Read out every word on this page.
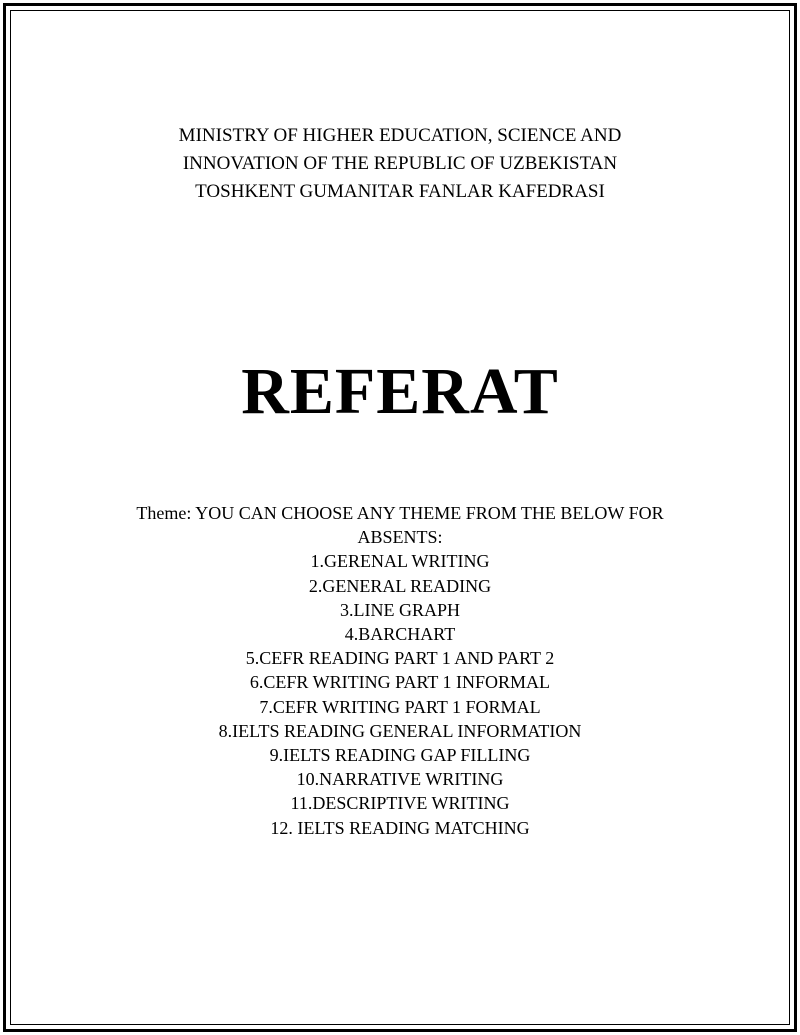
MINISTRY OF HIGHER EDUCATION, SCIENCE AND
INNOVATION OF THE REPUBLIC OF UZBEKISTAN
TOSHKENT GUMANITAR FANLAR KAFEDRASI
REFERAT
Theme: YOU CAN CHOOSE ANY THEME FROM THE BELOW FOR ABSENTS:
1.GERENAL WRITING
2.GENERAL READING
3.LINE GRAPH
4.BARCHART
5.CEFR READING PART 1 AND PART 2
6.CEFR WRITING PART 1 INFORMAL
7.CEFR WRITING PART 1 FORMAL
8.IELTS READING GENERAL INFORMATION
9.IELTS READING GAP FILLING
10.NARRATIVE WRITING
11.DESCRIPTIVE WRITING
12. IELTS READING MATCHING
